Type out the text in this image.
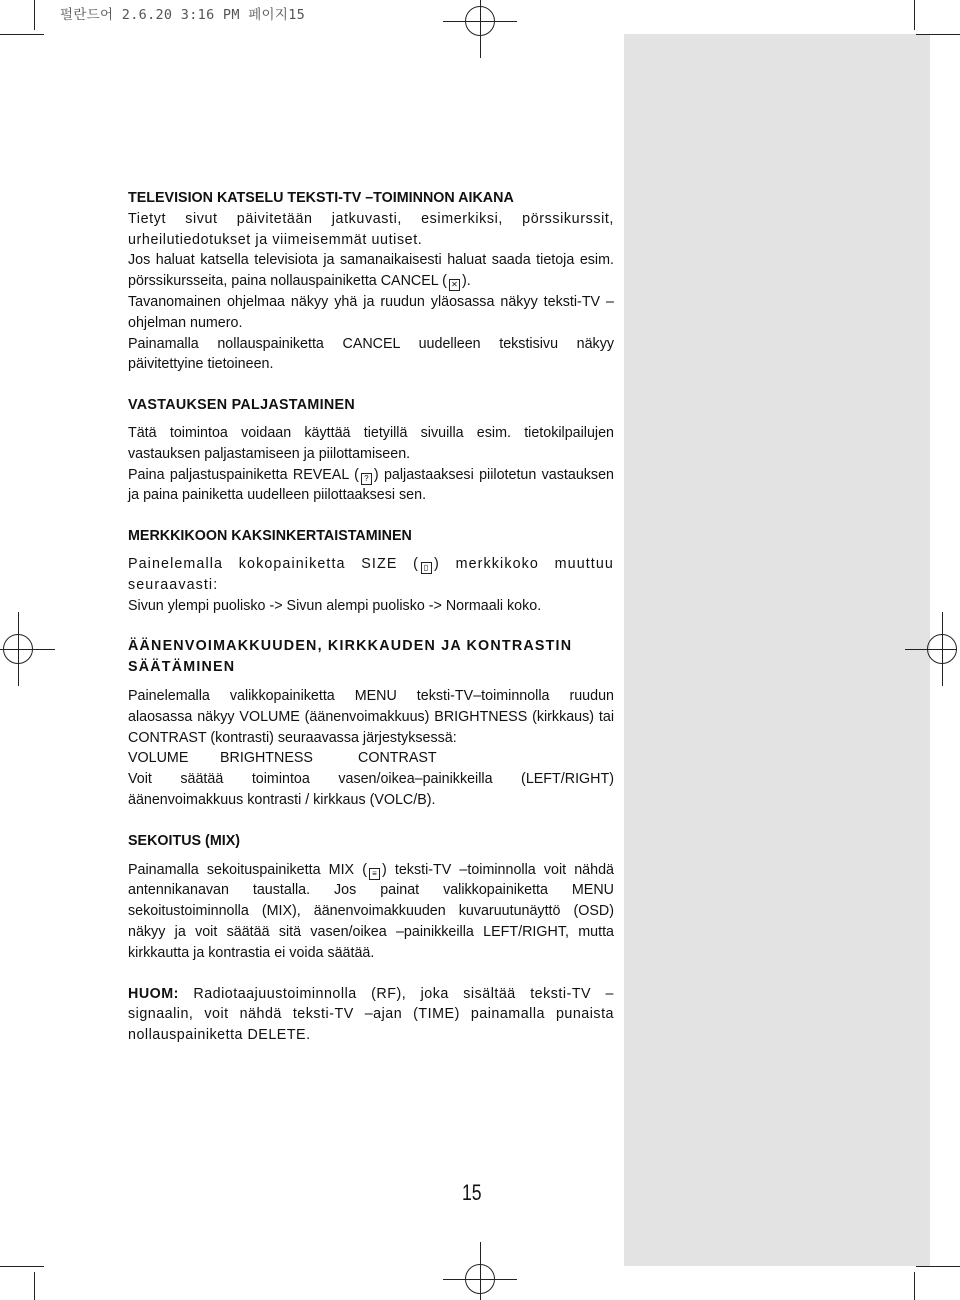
펄란드어 2.6.20 3:16 PM 페이지15
TELEVISION KATSELU TEKSTI-TV –TOIMINNON AIKANA

Tietyt sivut päivitetään jatkuvasti, esimerkiksi, pörssikurssit, urheilutiedotukset ja viimeisemmät uutiset.

Jos haluat katsella televisiota ja samanaikaisesti haluat saada tietoja esim. pörssikursseita, paina nollauspainiketta CANCEL ( ✕ ).

Tavanomainen ohjelmaa näkyy yhä ja ruudun yläosassa näkyy teksti-TV –ohjelman numero.

Painamalla nollauspainiketta CANCEL uudelleen tekstisivu näkyy päivitettyine tietoineen.

VASTAUKSEN PALJASTAMINEN

Tätä toimintoa voidaan käyttää tietyillä sivuilla esim. tietokilpailujen vastauksen paljastamiseen ja piilottamiseen.

Paina paljastuspainiketta REVEAL ( ? ) paljastaaksesi piilotetun vastauksen ja paina painiketta uudelleen piilottaaksesi sen.

MERKKIKOON KAKSINKERTAISTAMINEN

Painelemalla kokopainiketta SIZE ( ▯ ) merkkikoko muuttuu seuraavasti:

Sivun ylempi puolisko -> Sivun alempi puolisko -> Normaali koko.

ÄÄNENVOIMAKKUUDEN, KIRKKAUDEN JA KONTRASTIN SÄÄTÄMINEN

Painelemalla valikkopainiketta MENU teksti-TV–toiminnolla ruudun alaosassa näkyy VOLUME (äänenvoimakkuus) BRIGHTNESS (kirkkaus) tai CONTRAST (kontrasti) seuraavassa järjestyksessä:

VOLUME BRIGHTNESS	CONTRAST

Voit säätää toimintoa vasen/oikea–painikkeilla (LEFT/RIGHT) äänenvoimakkuus kontrasti / kirkkaus (VOLC/B).

SEKOITUS (MIX)

Painamalla sekoituspainiketta MIX ( ≡ ) teksti-TV –toiminnolla voit nähdä antennikanavan taustalla. Jos painat valikkopainiketta MENU sekoitustoiminnolla (MIX), äänenvoimakkuuden kuvaruutunäyttö (OSD) näkyy ja voit säätää sitä vasen/oikea –painikkeilla LEFT/RIGHT, mutta kirkkautta ja kontrastia ei voida säätää.

HUOM: Radiotaajuustoiminnolla (RF), joka sisältää teksti-TV –signaalin, voit nähdä teksti-TV –ajan (TIME) painamalla punaista nollauspainiketta DELETE.

15
